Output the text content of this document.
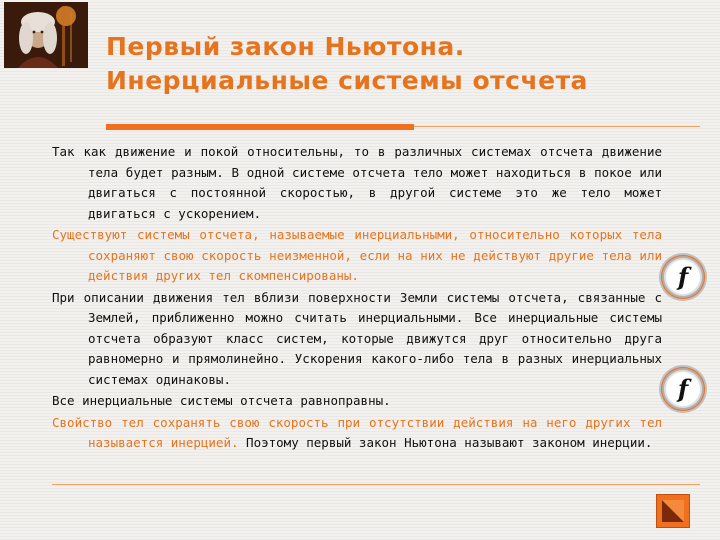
Первый закон Ньютона.
Инерциальные системы отсчета

Так как движение и покой относительны, то в различных системах отсчета движение тела будет разным. В одной системе отсчета тело может находиться в покое или двигаться с постоянной скоростью, в другой системе это же тело может двигаться с ускорением.

Существуют системы отсчета, называемые инерциальными, относительно которых тела сохраняют свою скорость неизменной, если на них не действуют другие тела или действия других тел скомпенсированы.

При описании движения тел вблизи поверхности Земли системы отсчета, связанные с Землей, приближенно можно считать инерциальными. Все инерциальные системы отсчета образуют класс систем, которые движутся друг относительно друга равномерно и прямолинейно. Ускорения какого-либо тела в разных инерциальных системах одинаковы.

Все инерциальные системы отсчета равноправны.

Свойство тел сохранять свою скорость при отсутствии действия на него других тел называется инерцией. Поэтому первый закон Ньютона называют законом инерции.

f
f
